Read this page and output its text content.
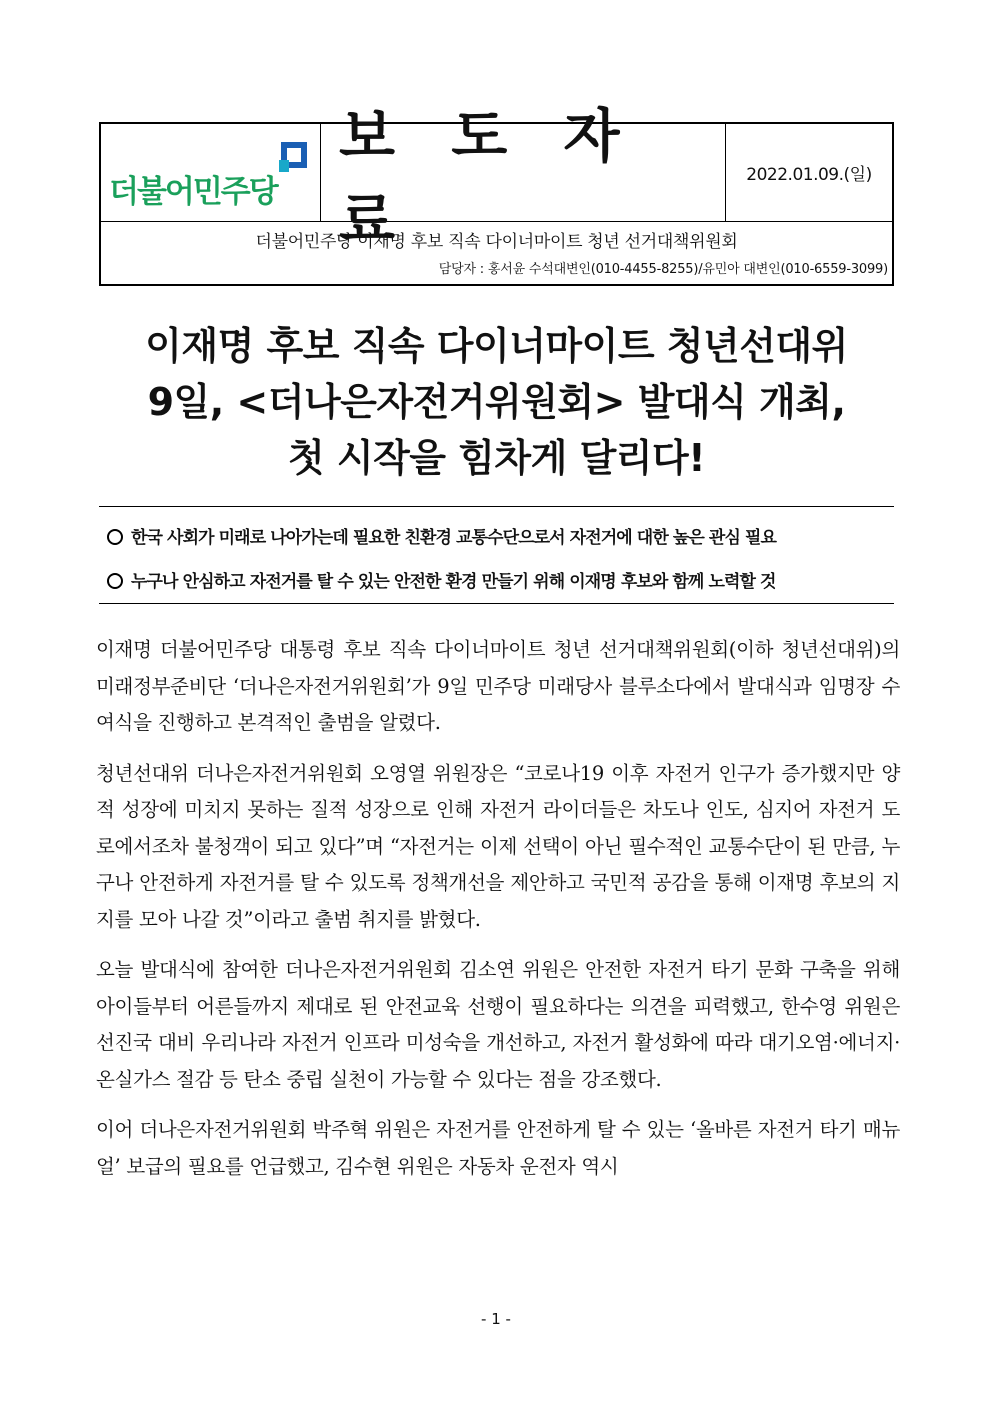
더불어민주당
보 도 자 료
2022.01.09.(일)
더불어민주당 이재명 후보 직속 다이너마이트 청년 선거대책위원회
담당자 : 홍서윤 수석대변인(010-4455-8255)/유민아 대변인(010-6559-3099)
이재명 후보 직속 다이너마이트 청년선대위
9일, <더나은자전거위원회> 발대식 개최,
첫 시작을 힘차게 달리다!
한국 사회가 미래로 나아가는데 필요한 친환경 교통수단으로서 자전거에 대한 높은 관심 필요
누구나 안심하고 자전거를 탈 수 있는 안전한 환경 만들기 위해 이재명 후보와 함께 노력할 것

이재명 더불어민주당 대통령 후보 직속 다이너마이트 청년 선거대책위원회(이하 청년선대위)의 미래정부준비단 ‘더나은자전거위원회’가 9일 민주당 미래당사 블루소다에서 발대식과 임명장 수여식을 진행하고 본격적인 출범을 알렸다.

청년선대위 더나은자전거위원회 오영열 위원장은 “코로나19 이후 자전거 인구가 증가했지만 양적 성장에 미치지 못하는 질적 성장으로 인해 자전거 라이더들은 차도나 인도, 심지어 자전거 도로에서조차 불청객이 되고 있다”며 “자전거는 이제 선택이 아닌 필수적인 교통수단이 된 만큼, 누구나 안전하게 자전거를 탈 수 있도록 정책개선을 제안하고 국민적 공감을 통해 이재명 후보의 지지를 모아 나갈 것”이라고 출범 취지를 밝혔다.

오늘 발대식에 참여한 더나은자전거위원회 김소연 위원은 안전한 자전거 타기 문화 구축을 위해 아이들부터 어른들까지 제대로 된 안전교육 선행이 필요하다는 의견을 피력했고, 한수영 위원은 선진국 대비 우리나라 자전거 인프라 미성숙을 개선하고, 자전거 활성화에 따라 대기오염·에너지·온실가스 절감 등 탄소 중립 실천이 가능할 수 있다는 점을 강조했다.

이어 더나은자전거위원회 박주혁 위원은 자전거를 안전하게 탈 수 있는 ‘올바른 자전거 타기 매뉴얼’ 보급의 필요를 언급했고, 김수현 위원은 자동차 운전자 역시

- 1 -
